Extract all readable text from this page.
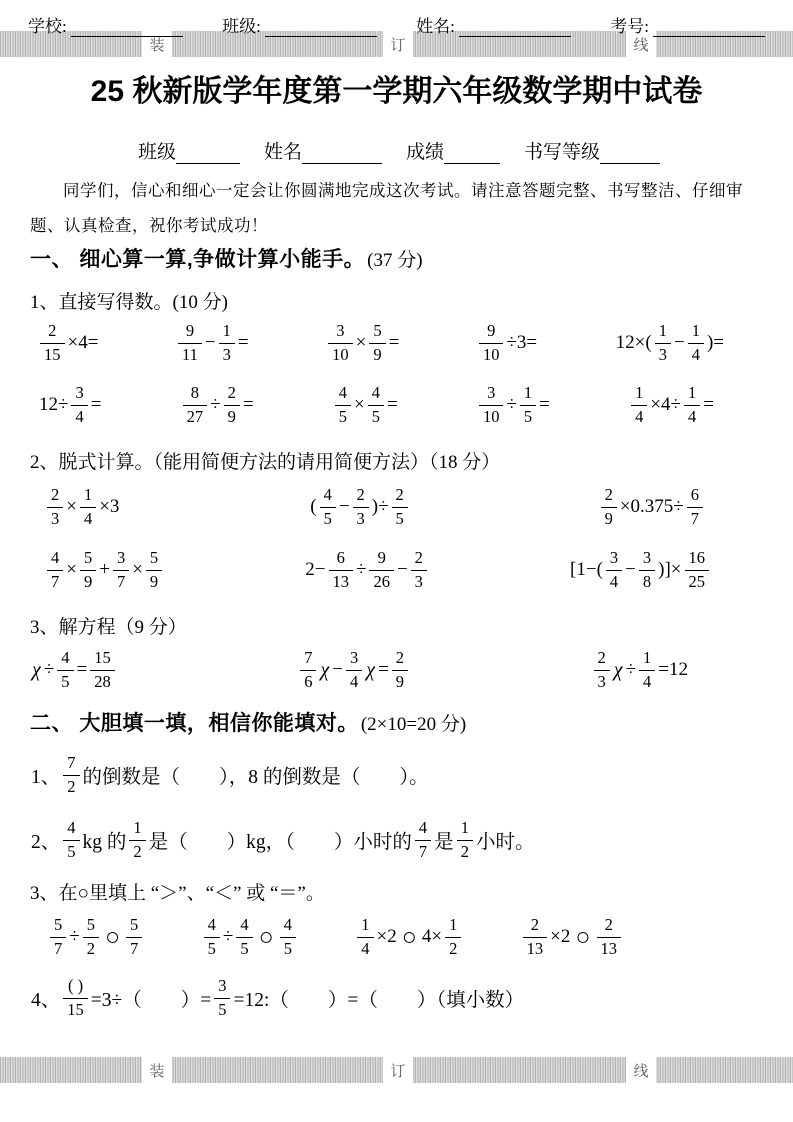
学校:	班级:	姓名:	考号:
装	订	线
25 秋新版学年度第一学期六年级数学期中试卷
班级	姓名	成绩	书写等级

同学们，信心和细心一定会让你圆满地完成这次考试。请注意答题完整、书写整洁、仔细审题、认真检查，祝你考试成功！

一、 细心算一算,争做计算小能手。 (37 分)
1、直接写得数。(10 分)
$\frac{2}{15} \times 4=$	$\frac{9}{11} - \frac{1}{3}$ =	$\frac{3}{10} \times \frac{5}{9}$ =	$\frac{9}{10} \div 3=$	$12\times( \frac{1}{3} - \frac{1}{4}$ )=
$12\div \frac{3}{4}$ =	$\frac{8}{27} \div \frac{2}{9}$ =	$\frac{4}{5} \times \frac{4}{5}$ =	$\frac{3}{10} \div \frac{1}{5}$ =	$\frac{1}{4} \times 4\div \frac{1}{4}$ =
2、脱式计算。（能用简便方法的请用简便方法）（18 分）
$\frac{2}{3} \times \frac{1}{4} \times 3$	( $\frac{4}{5} - \frac{2}{3}$ )÷ $\frac{2}{5}$	$\frac{2}{9} \times 0.375\div \frac{6}{7}$
$\frac{4}{7} \times \frac{5}{9} + \frac{3}{7} \times \frac{5}{9}$	$2- \frac{6}{13} \div \frac{9}{26} - \frac{2}{3}$	[$1-( \frac{3}{4} - \frac{3}{8}$ )]× $\frac{16}{25}$
3、解方程（9 分）
$\chi \div \frac{4}{5} = \frac{15}{28}$	$\frac{7}{6}$ $\chi - \frac{3}{4}$ $\chi = \frac{2}{9}$	$\frac{2}{3}$ $\chi \div \frac{1}{4} =12$
二、 大胆填一填，相信你能填对。 (2×10=20 分)
1、 $\frac{7}{2}$ 的倒数是（　　），8 的倒数是（　　）。
2、 $\frac{4}{5}$ kg 的 $\frac{1}{2}$ 是（　　）kg，（　　）小时的 $\frac{4}{7}$ 是 $\frac{1}{2}$ 小时。
3、在○里填上 “＞”、“＜” 或 “＝”。
$\frac{5}{7} \div \frac{5}{2}$ ○ $\frac{5}{7}$	$\frac{4}{5} \div \frac{4}{5}$ ○ $\frac{4}{5}$	$\frac{1}{4} \times 2$ ○ $4\times \frac{1}{2}$	$\frac{2}{13} \times 2$ ○ $\frac{2}{13}$
4、 $\frac{( )}{15} =3\div$（　　）= $\frac{3}{5}$ =12:（　　）=（　　）（填小数）
装	订	线
